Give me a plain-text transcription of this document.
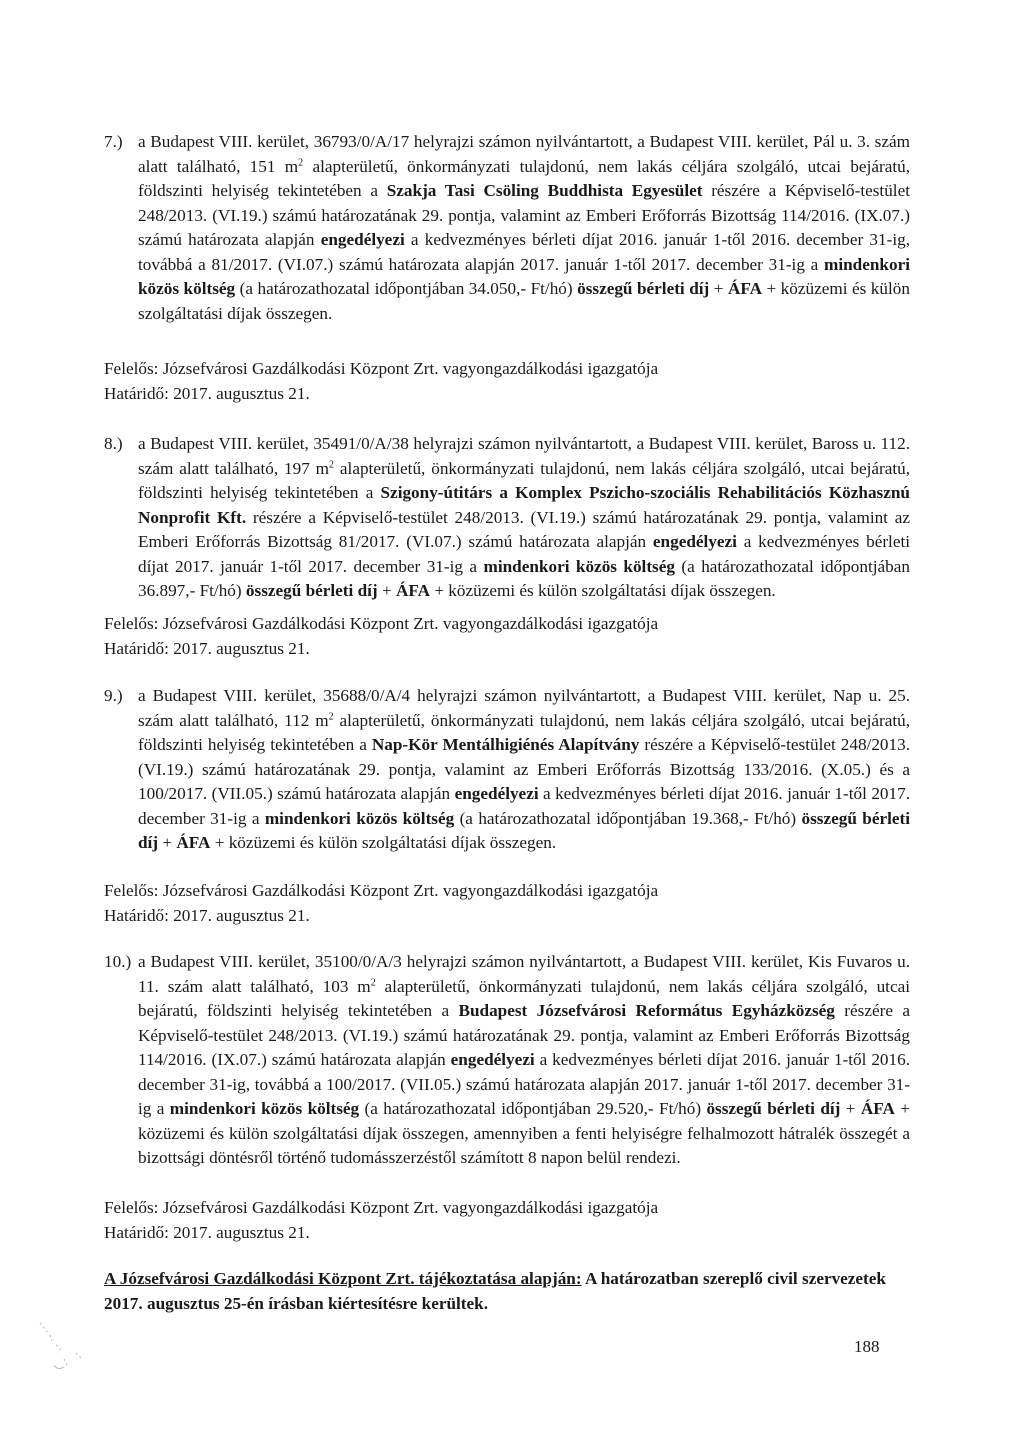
7.) a Budapest VIII. kerület, 36793/0/A/17 helyrajzi számon nyilvántartott, a Budapest VIII. kerület, Pál u. 3. szám alatt található, 151 $m^2$ alapterületű, önkormányzati tulajdonú, nem lakás céljára szolgáló, utcai bejáratú, földszinti helyiség tekintetében a Szakja Tasi Csöling Buddhista Egyesület részére a Képviselő-testület 248/2013. (VI.19.) számú határozatának 29. pontja, valamint az Emberi Erőforrás Bizottság 114/2016. (IX.07.) számú határozata alapján engedélyezi a kedvezményes bérleti díjat 2016. január 1-től 2016. december 31-ig, továbbá a 81/2017. (VI.07.) számú határozata alapján 2017. január 1-től 2017. december 31-ig a mindenkori közös költség (a határozathozatal időpontjában 34.050,- Ft/hó) összegű bérleti díj + ÁFA + közüzemi és külön szolgáltatási díjak összegen.
Felelős: Józsefvárosi Gazdálkodási Központ Zrt. vagyongazdálkodási igazgatója
Határidő: 2017. augusztus 21.
8.) a Budapest VIII. kerület, 35491/0/A/38 helyrajzi számon nyilvántartott, a Budapest VIII. kerület, Baross u. 112. szám alatt található, 197 $m^2$ alapterületű, önkormányzati tulajdonú, nem lakás céljára szolgáló, utcai bejáratú, földszinti helyiség tekintetében a Szigony-útitárs a Komplex Pszicho-szociális Rehabilitációs Közhasznú Nonprofit Kft. részére a Képviselő-testület 248/2013. (VI.19.) számú határozatának 29. pontja, valamint az Emberi Erőforrás Bizottság 81/2017. (VI.07.) számú határozata alapján engedélyezi a kedvezményes bérleti díjat 2017. január 1-től 2017. december 31-ig a mindenkori közös költség (a határozathozatal időpontjában 36.897,- Ft/hó) összegű bérleti díj + ÁFA + közüzemi és külön szolgáltatási díjak összegen.
Felelős: Józsefvárosi Gazdálkodási Központ Zrt. vagyongazdálkodási igazgatója
Határidő: 2017. augusztus 21.
9.) a Budapest VIII. kerület, 35688/0/A/4 helyrajzi számon nyilvántartott, a Budapest VIII. kerület, Nap u. 25. szám alatt található, 112 $m^2$ alapterületű, önkormányzati tulajdonú, nem lakás céljára szolgáló, utcai bejáratú, földszinti helyiség tekintetében a Nap-Kör Mentálhigiénés Alapítvány részére a Képviselő-testület 248/2013. (VI.19.) számú határozatának 29. pontja, valamint az Emberi Erőforrás Bizottság 133/2016. (X.05.) és a 100/2017. (VII.05.) számú határozata alapján engedélyezi a kedvezményes bérleti díjat 2016. január 1-től 2017. december 31-ig a mindenkori közös költség (a határozathozatal időpontjában 19.368,- Ft/hó) összegű bérleti díj + ÁFA + közüzemi és külön szolgáltatási díjak összegen.
Felelős: Józsefvárosi Gazdálkodási Központ Zrt. vagyongazdálkodási igazgatója
Határidő: 2017. augusztus 21.
10.) a Budapest VIII. kerület, 35100/0/A/3 helyrajzi számon nyilvántartott, a Budapest VIII. kerület, Kis Fuvaros u. 11. szám alatt található, 103 $m^2$ alapterületű, önkormányzati tulajdonú, nem lakás céljára szolgáló, utcai bejáratú, földszinti helyiség tekintetében a Budapest Józsefvárosi Református Egyházközség részére a Képviselő-testület 248/2013. (VI.19.) számú határozatának 29. pontja, valamint az Emberi Erőforrás Bizottság 114/2016. (IX.07.) számú határozata alapján engedélyezi a kedvezményes bérleti díjat 2016. január 1-től 2016. december 31-ig, továbbá a 100/2017. (VII.05.) számú határozata alapján 2017. január 1-től 2017. december 31-ig a mindenkori közös költség (a határozathozatal időpontjában 29.520,- Ft/hó) összegű bérleti díj + ÁFA + közüzemi és külön szolgáltatási díjak összegen, amennyiben a fenti helyiségre felhalmozott hátralék összegét a bizottsági döntésről történő tudomásszerzéstől számított 8 napon belül rendezi.
Felelős: Józsefvárosi Gazdálkodási Központ Zrt. vagyongazdálkodási igazgatója
Határidő: 2017. augusztus 21.
A Józsefvárosi Gazdálkodási Központ Zrt. tájékoztatása alapján: A határozatban szereplő civil szervezetek 2017. augusztus 25-én írásban kiértesítésre kerültek.
188
